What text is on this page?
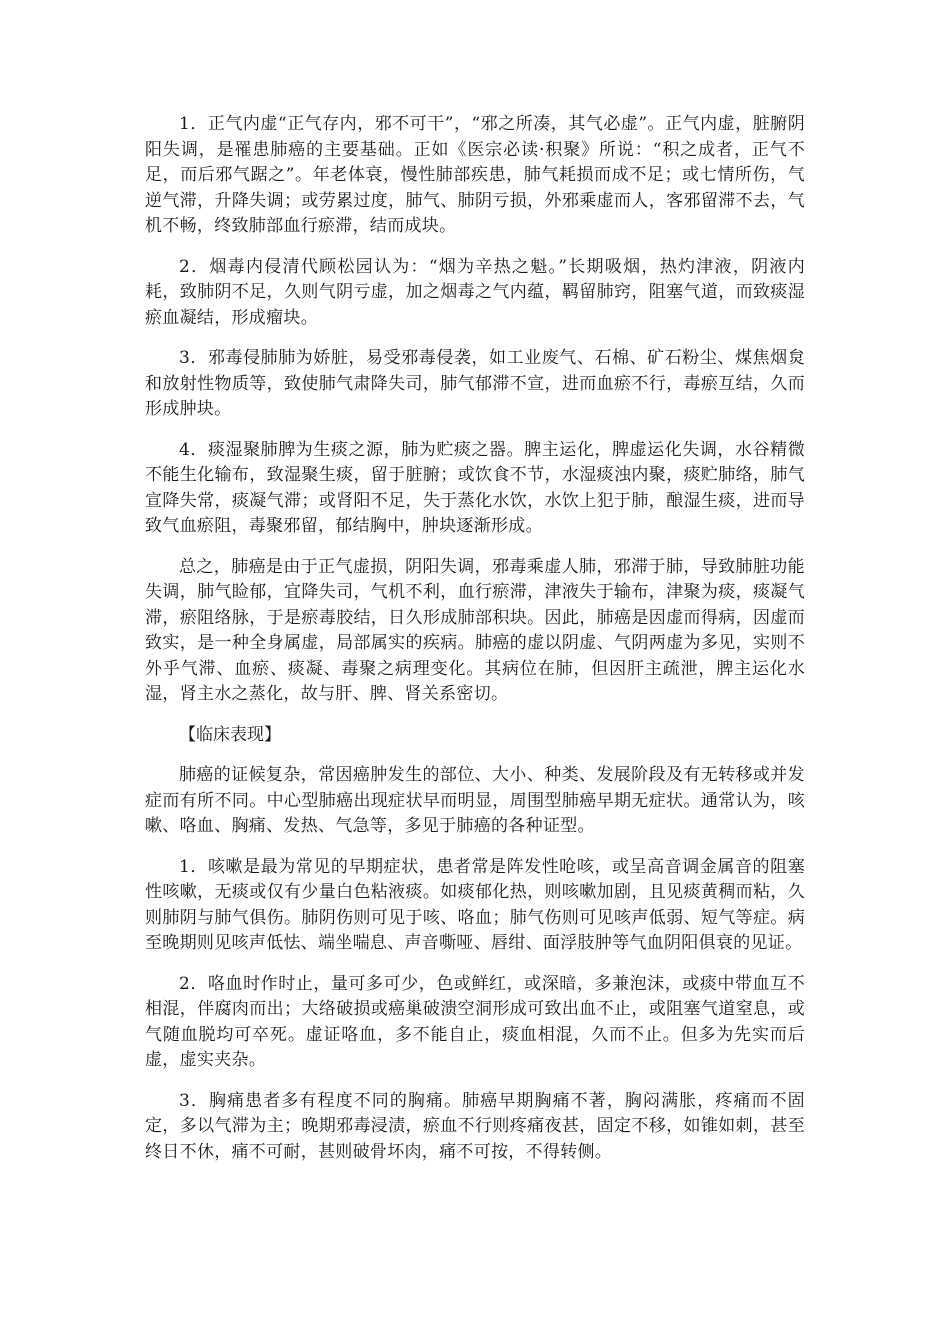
1．正气内虚“正气存内，邪不可干”，“邪之所凑，其气必虚”。正气内虚，脏腑阴阳失调，是罹患肺癌的主要基础。正如《医宗必读·积聚》所说：“积之成者，正气不足，而后邪气踞之”。年老体衰，慢性肺部疾患，肺气耗损而成不足；或七情所伤，气逆气滞，升降失调；或劳累过度，肺气、肺阴亏损，外邪乘虚而人，客邪留滞不去，气机不畅，终致肺部血行瘀滞，结而成块。

2．烟毒内侵清代顾松园认为：“烟为辛热之魁。”长期吸烟，热灼津液，阴液内耗，致肺阴不足，久则气阴亏虚，加之烟毒之气内蕴，羁留肺窍，阻塞气道，而致痰湿瘀血凝结，形成瘤块。

3．邪毒侵肺肺为娇脏，易受邪毒侵袭，如工业废气、石棉、矿石粉尘、煤焦烟炱和放射性物质等，致使肺气肃降失司，肺气郁滞不宣，进而血瘀不行，毒瘀互结，久而形成肿块。

4．痰湿聚肺脾为生痰之源，肺为贮痰之器。脾主运化，脾虚运化失调，水谷精微不能生化输布，致湿聚生痰，留于脏腑；或饮食不节，水湿痰浊内聚，痰贮肺络，肺气宣降失常，痰凝气滞；或肾阳不足，失于蒸化水饮，水饮上犯于肺，酿湿生痰，进而导致气血瘀阻，毒聚邪留，郁结胸中，肿块逐渐形成。

总之，肺癌是由于正气虚损，阴阳失调，邪毒乘虚人肺，邪滞于肺，导致肺脏功能失调，肺气睑郁，宜降失司，气机不利，血行瘀滞，津液失于输布，津聚为痰，痰凝气滞，瘀阻络脉，于是瘀毒胶结，日久形成肺部积块。因此，肺癌是因虚而得病，因虚而致实，是一种全身属虚，局部属实的疾病。肺癌的虚以阴虚、气阴两虚为多见，实则不外乎气滞、血瘀、痰凝、毒聚之病理变化。其病位在肺，但因肝主疏泄，脾主运化水湿，肾主水之蒸化，故与肝、脾、肾关系密切。

【临床表现】

肺癌的证候复杂，常因癌肿发生的部位、大小、种类、发展阶段及有无转移或并发症而有所不同。中心型肺癌出现症状早而明显，周围型肺癌早期无症状。通常认为，咳嗽、咯血、胸痛、发热、气急等，多见于肺癌的各种证型。

1．咳嗽是最为常见的早期症状，患者常是阵发性呛咳，或呈高音调金属音的阻塞性咳嗽，无痰或仅有少量白色粘液痰。如痰郁化热，则咳嗽加剧，且见痰黄稠而粘，久则肺阴与肺气俱伤。肺阴伤则可见于咳、咯血；肺气伤则可见咳声低弱、短气等症。病至晚期则见咳声低怯、端坐喘息、声音嘶哑、唇绀、面浮肢肿等气血阴阳俱衰的见证。

2．咯血时作时止，量可多可少，色或鲜红，或深暗，多兼泡沫，或痰中带血互不相混，伴腐肉而出；大络破损或癌巢破溃空洞形成可致出血不止，或阻塞气道窒息，或气随血脱均可卒死。虚证咯血，多不能自止，痰血相混，久而不止。但多为先实而后虚，虚实夹杂。

3．胸痛患者多有程度不同的胸痛。肺癌早期胸痛不著，胸闷满胀，疼痛而不固定，多以气滞为主；晚期邪毒浸渍，瘀血不行则疼痛夜甚，固定不移，如锥如刺，甚至终日不休，痛不可耐，甚则破骨坏肉，痛不可按，不得转侧。
